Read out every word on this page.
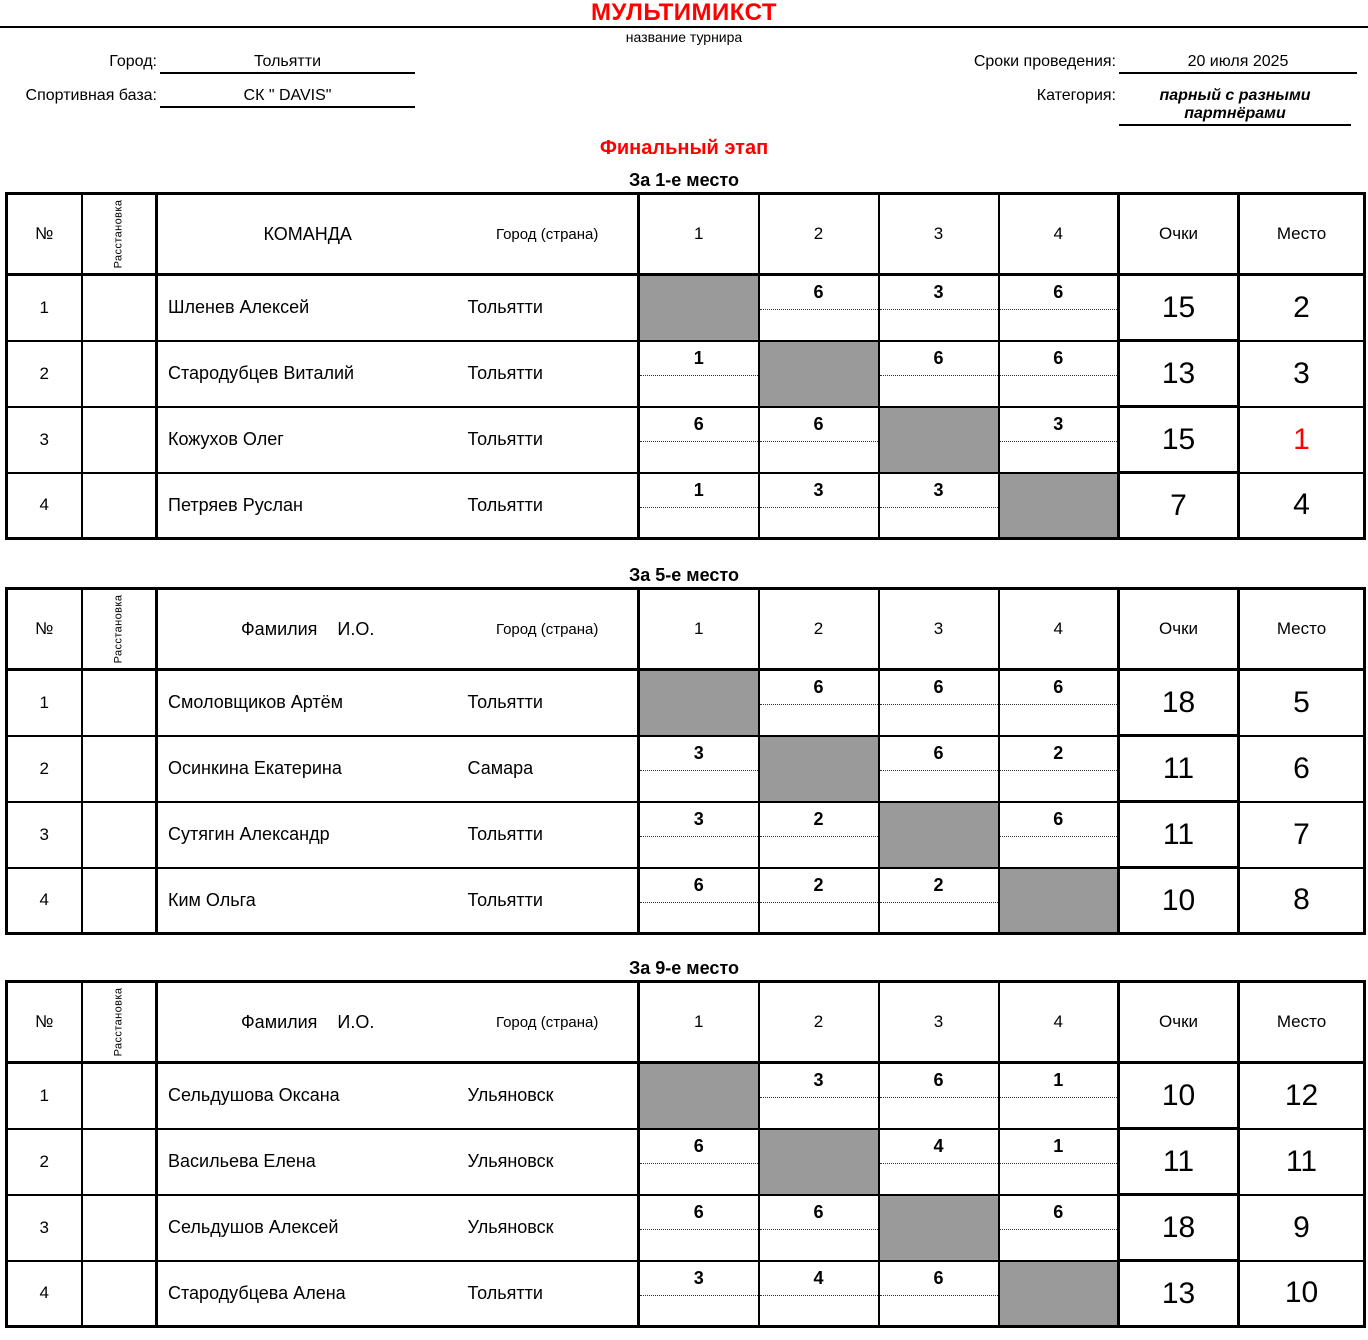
МУЛЬТИМИКСТ
название турнира
Город:	Тольятти
Спортивная база:	СК " DAVIS"
Сроки проведения:	20 июля 2025
Категория:	парный с разными партнёрами
Финальный этап
За 1-е место
№	Расстановка	КОМАНДА Город (страна)		1	2	3	4	Очки	Место
1		Шленев Алексей	Тольятти		6	3	6	15	2
2		Стародубцев Виталий	Тольятти	1		6	6	13	3
3		Кожухов Олег	Тольятти	6	6		3	15	1
4		Петряев Руслан	Тольятти	1	3	3		7	4
За 5-е место
№	Расстановка	Фамилия    И.О. Город (страна)		1	2	3	4	Очки	Место
1		Смоловщиков Артём	Тольятти		6	6	6	18	5
2		Осинкина Екатерина	Самара	3		6	2	11	6
3		Сутягин Александр	Тольятти	3	2		6	11	7
4		Ким Ольга	Тольятти	6	2	2		10	8
За 9-е место
№	Расстановка	Фамилия    И.О. Город (страна)		1	2	3	4	Очки	Место
1		Сельдушова Оксана	Ульяновск		3	6	1	10	12
2		Васильева Елена	Ульяновск	6		4	1	11	11
3		Сельдушов Алексей	Ульяновск	6	6		6	18	9
4		Стародубцева Алена	Тольятти	3	4	6		13	10
